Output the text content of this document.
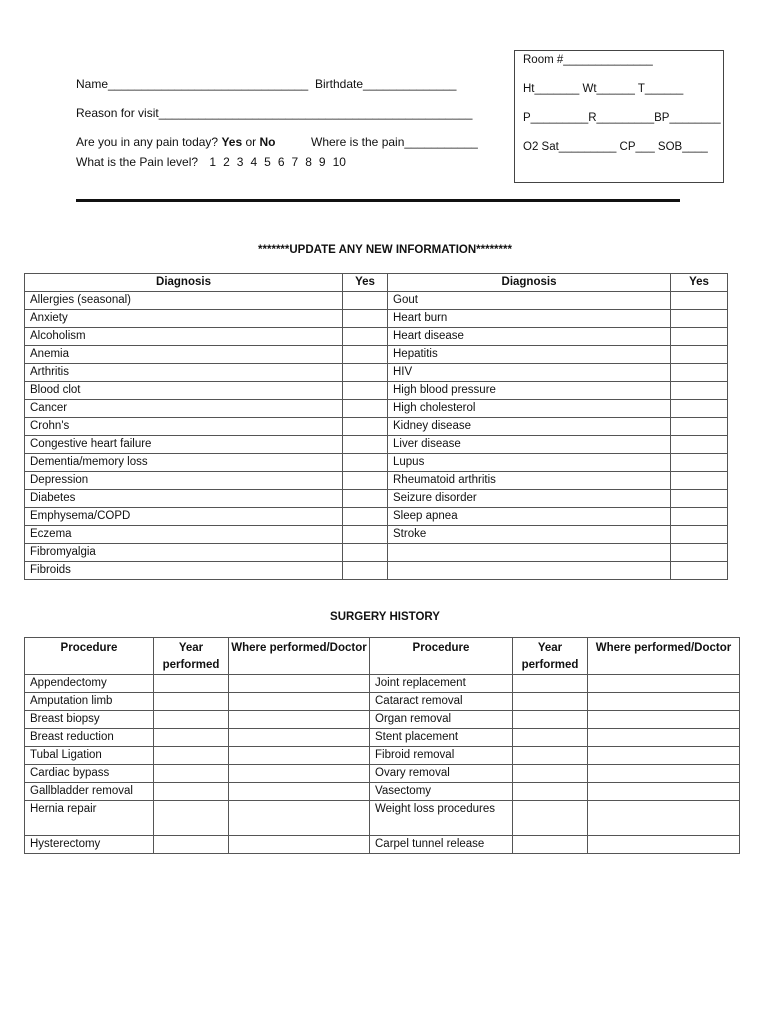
Name______________________________ Birthdate______________
Reason for visit_______________________________________________
Are you in any pain today? Yes or No	Where is the pain___________
What is the Pain level? 1 2 3 4 5 6 7 8 9 10
Room #______________
Ht_______ Wt______ T______
P_________R_________BP________
O2 Sat_________ CP___ SOB____
*******UPDATE ANY NEW INFORMATION********
Diagnosis	Yes	Diagnosis	Yes
Allergies (seasonal)		Gout	
Anxiety		Heart burn	
Alcoholism		Heart disease	
Anemia		Hepatitis	
Arthritis		HIV	
Blood clot		High blood pressure	
Cancer		High cholesterol	
Crohn's		Kidney disease	
Congestive heart failure		Liver disease	
Dementia/memory loss		Lupus	
Depression		Rheumatoid arthritis	
Diabetes		Seizure disorder	
Emphysema/COPD		Sleep apnea	
Eczema		Stroke	
Fibromyalgia			
Fibroids			
SURGERY HISTORY
Procedure	Year performed	Where performed/Doctor	Procedure	Year performed	Where performed/Doctor
Appendectomy			Joint replacement		
Amputation limb			Cataract removal		
Breast biopsy			Organ removal		
Breast reduction			Stent placement		
Tubal Ligation			Fibroid removal		
Cardiac bypass			Ovary removal		
Gallbladder removal			Vasectomy		
Hernia repair			Weight loss procedures		
Hysterectomy			Carpel tunnel release		
